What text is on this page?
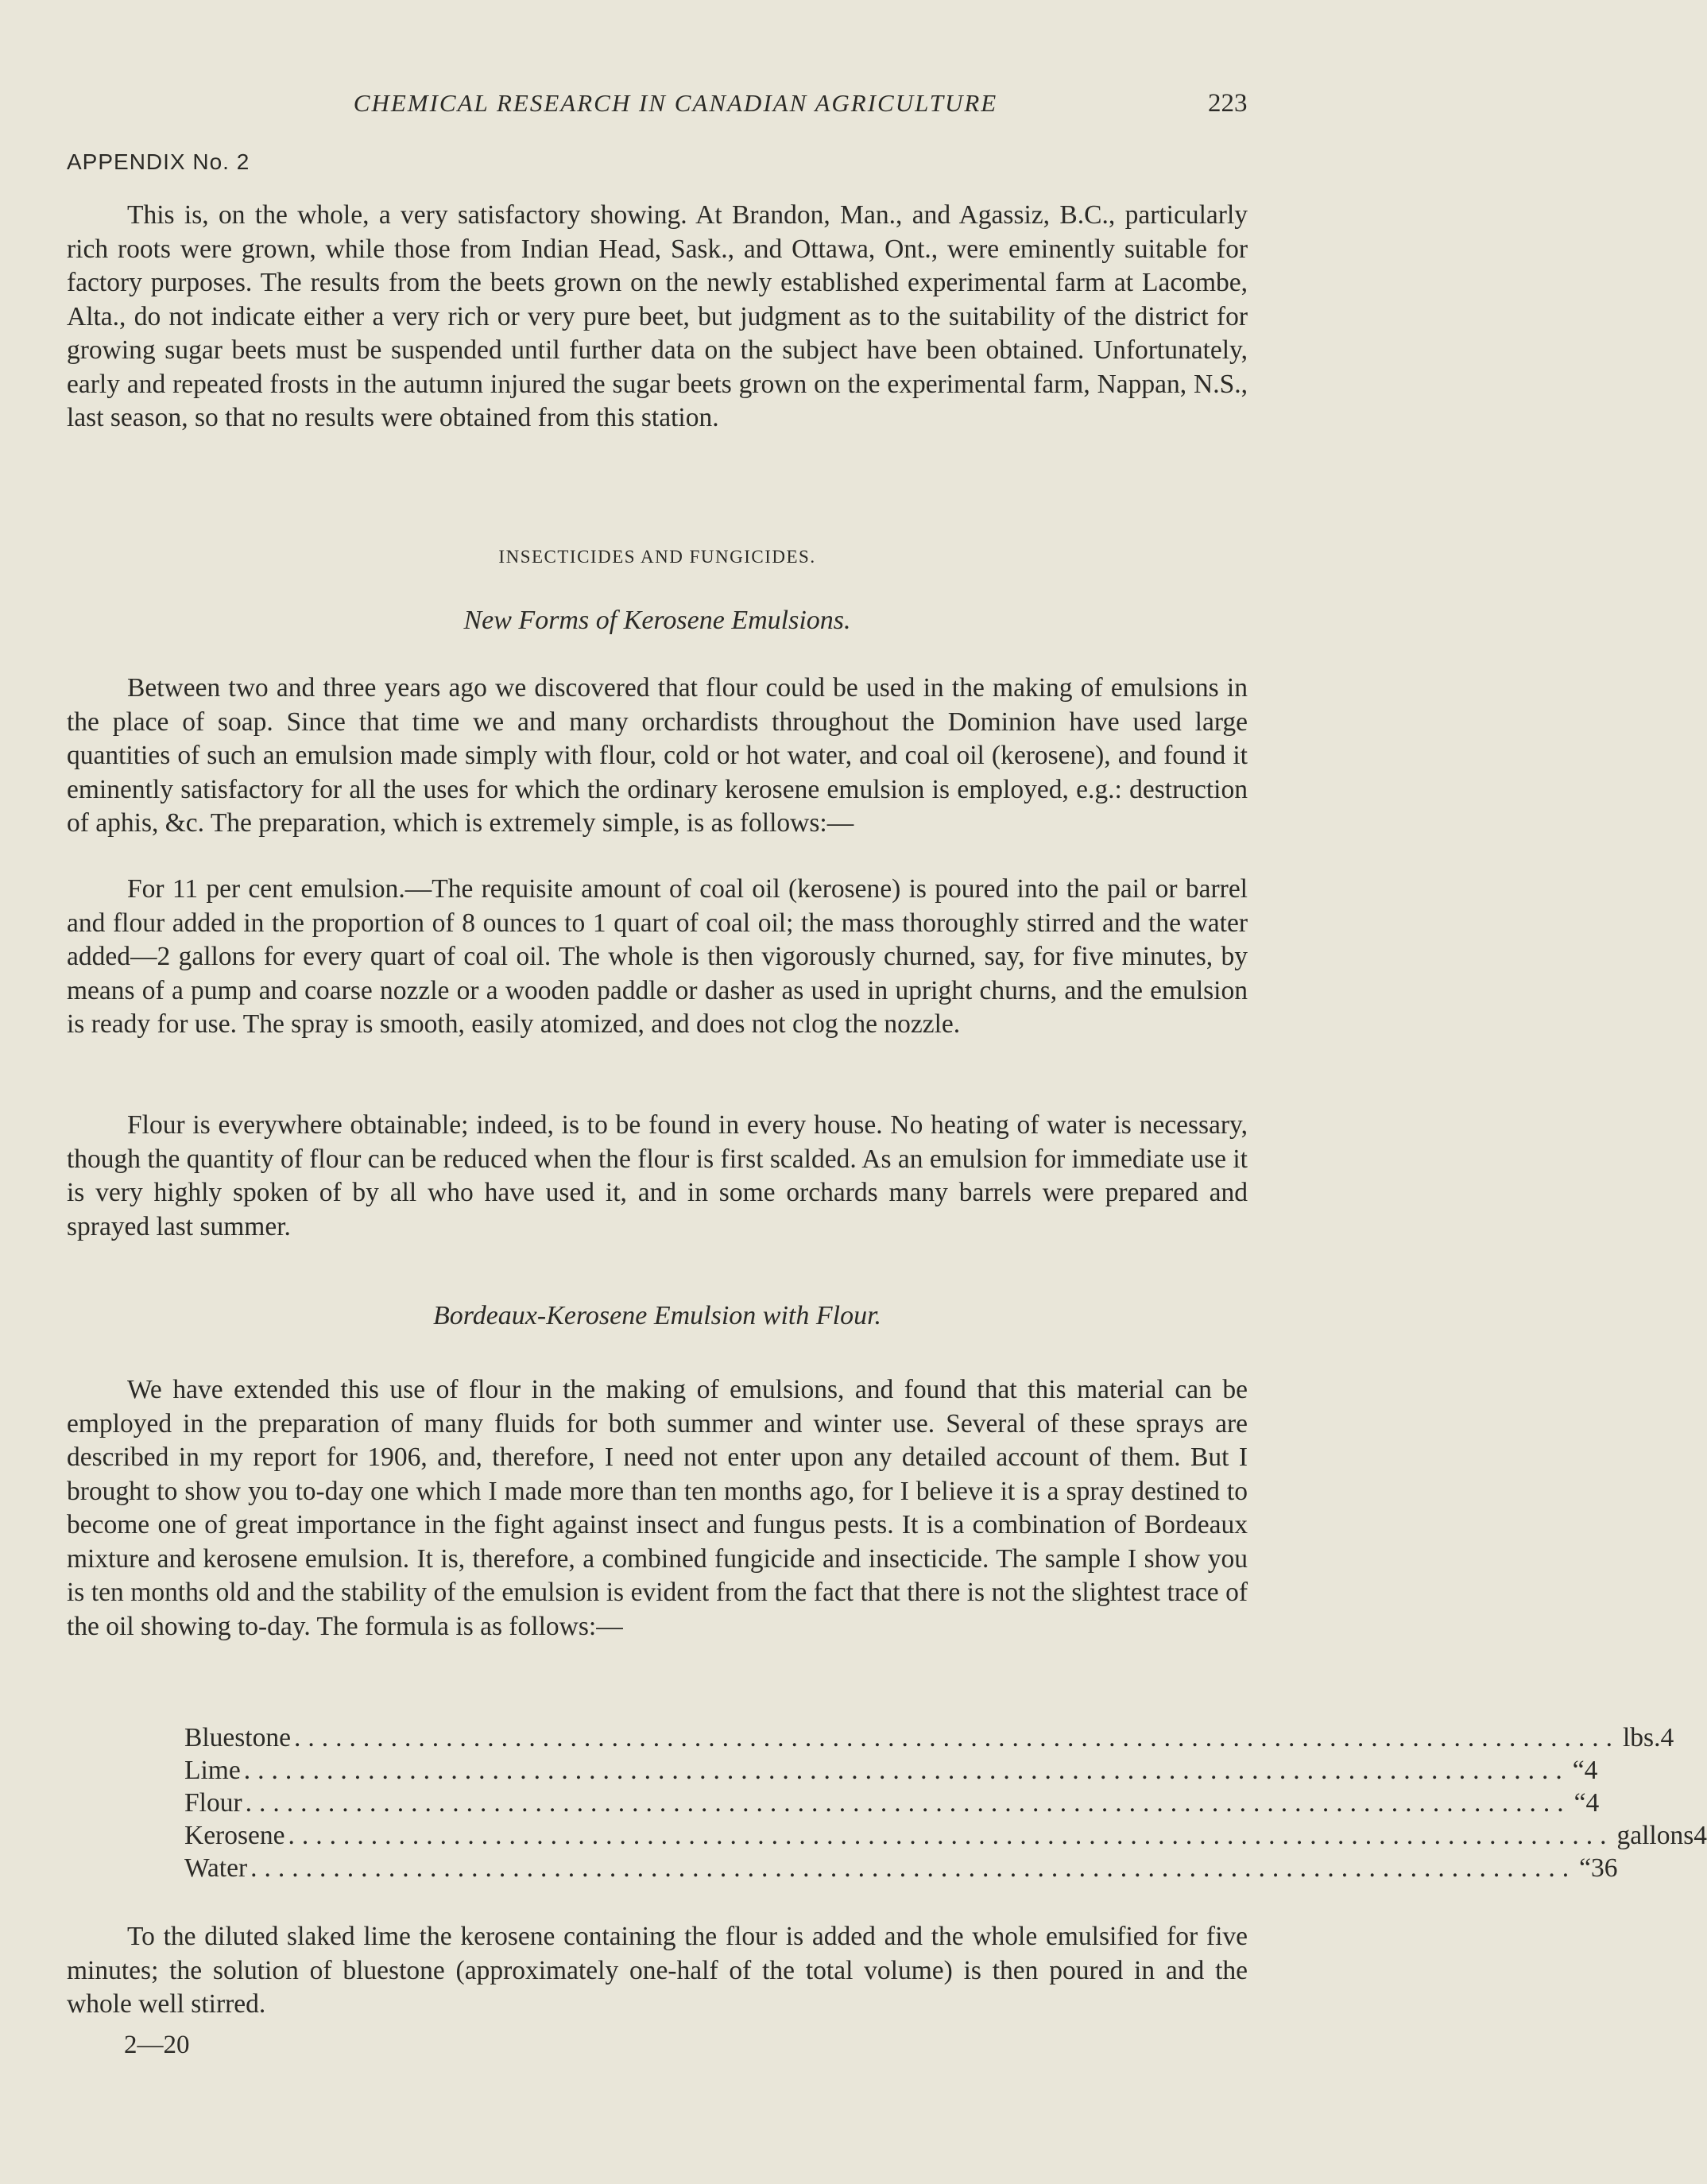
CHEMICAL RESEARCH IN CANADIAN AGRICULTURE	223
APPENDIX No. 2

This is, on the whole, a very satisfactory showing. At Brandon, Man., and Agassiz, B.C., particularly rich roots were grown, while those from Indian Head, Sask., and Ottawa, Ont., were eminently suitable for factory purposes. The results from the beets grown on the newly established experimental farm at Lacombe, Alta., do not indicate either a very rich or very pure beet, but judgment as to the suitability of the district for growing sugar beets must be suspended until further data on the subject have been obtained. Unfortunately, early and repeated frosts in the autumn injured the sugar beets grown on the experimental farm, Nappan, N.S., last season, so that no results were obtained from this station.

INSECTICIDES AND FUNGICIDES.
New Forms of Kerosene Emulsions.

Between two and three years ago we discovered that flour could be used in the making of emulsions in the place of soap. Since that time we and many orchardists throughout the Dominion have used large quantities of such an emulsion made simply with flour, cold or hot water, and coal oil (kerosene), and found it eminently satisfactory for all the uses for which the ordinary kerosene emulsion is employed, e.g.: destruction of aphis, &c. The preparation, which is extremely simple, is as follows:—

For 11 per cent emulsion.—The requisite amount of coal oil (kerosene) is poured into the pail or barrel and flour added in the proportion of 8 ounces to 1 quart of coal oil; the mass thoroughly stirred and the water added—2 gallons for every quart of coal oil. The whole is then vigorously churned, say, for five minutes, by means of a pump and coarse nozzle or a wooden paddle or dasher as used in upright churns, and the emulsion is ready for use. The spray is smooth, easily atomized, and does not clog the nozzle.

Flour is everywhere obtainable; indeed, is to be found in every house. No heating of water is necessary, though the quantity of flour can be reduced when the flour is first scalded. As an emulsion for immediate use it is very highly spoken of by all who have used it, and in some orchards many barrels were prepared and sprayed last summer.

Bordeaux-Kerosene Emulsion with Flour.

We have extended this use of flour in the making of emulsions, and found that this material can be employed in the preparation of many fluids for both summer and winter use. Several of these sprays are described in my report for 1906, and, therefore, I need not enter upon any detailed account of them. But I brought to show you to-day one which I made more than ten months ago, for I believe it is a spray destined to become one of great importance in the fight against insect and fungus pests. It is a combination of Bordeaux mixture and kerosene emulsion. It is, therefore, a combined fungicide and insecticide. The sample I show you is ten months old and the stability of the emulsion is evident from the fact that there is not the slightest trace of the oil showing to-day. The formula is as follows:—

Bluestone ................................................................................................ lbs. 4
Lime ................................................................................................ “ 4
Flour ................................................................................................ “ 4
Kerosene ................................................................................................ gallons 4
Water ................................................................................................ “ 36

To the diluted slaked lime the kerosene containing the flour is added and the whole emulsified for five minutes; the solution of bluestone (approximately one-half of the total volume) is then poured in and the whole well stirred.

2—20
